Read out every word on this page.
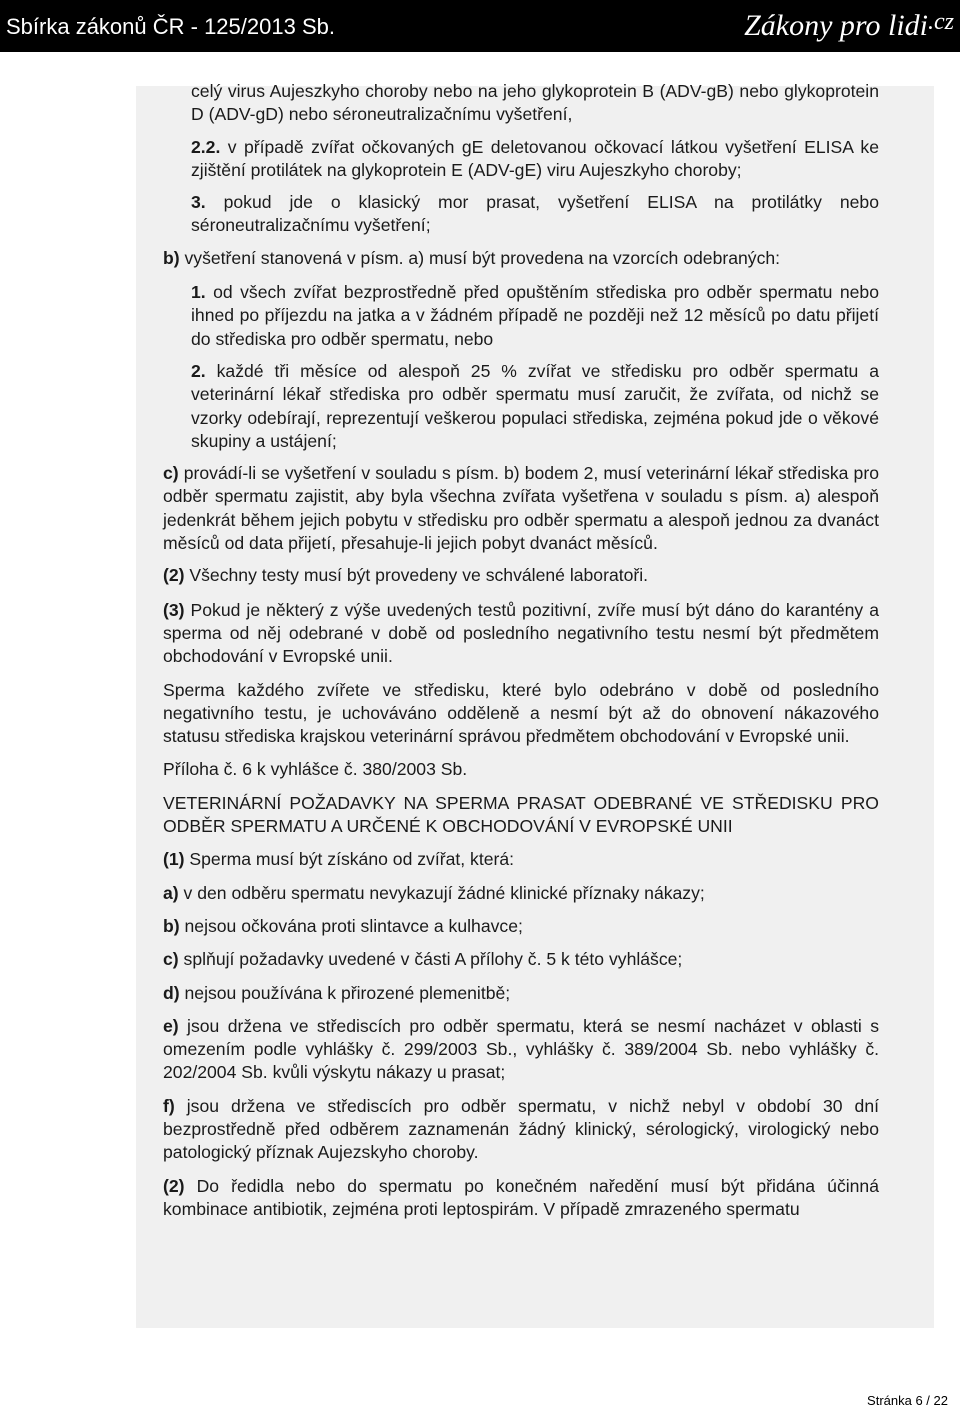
Sbírka zákonů ČR - 125/2013 Sb.	Zákony pro lidi$^{.cz}$

celý virus Aujeszkyho choroby nebo na jeho glykoprotein B (ADV-gB) nebo glykoprotein D (ADV-gD) nebo séroneutralizačnímu vyšetření,

2.2. v případě zvířat očkovaných gE deletovanou očkovací látkou vyšetření ELISA ke zjištění protilátek na glykoprotein E (ADV-gE) viru Aujeszkyho choroby;

3. pokud jde o klasický mor prasat, vyšetření ELISA na protilátky nebo séroneutralizačnímu vyšetření;

b) vyšetření stanovená v písm. a) musí být provedena na vzorcích odebraných:

1. od všech zvířat bezprostředně před opuštěním střediska pro odběr spermatu nebo ihned po příjezdu na jatka a v žádném případě ne později než 12 měsíců po datu přijetí do střediska pro odběr spermatu, nebo

2. každé tři měsíce od alespoň 25 % zvířat ve středisku pro odběr spermatu a veterinární lékař střediska pro odběr spermatu musí zaručit, že zvířata, od nichž se vzorky odebírají, reprezentují veškerou populaci střediska, zejména pokud jde o věkové skupiny a ustájení;

c) provádí-li se vyšetření v souladu s písm. b) bodem 2, musí veterinární lékař střediska pro odběr spermatu zajistit, aby byla všechna zvířata vyšetřena v souladu s písm. a) alespoň jedenkrát během jejich pobytu v středisku pro odběr spermatu a alespoň jednou za dvanáct měsíců od data přijetí, přesahuje-li jejich pobyt dvanáct měsíců.

(2) Všechny testy musí být provedeny ve schválené laboratoři.

(3) Pokud je některý z výše uvedených testů pozitivní, zvíře musí být dáno do karantény a sperma od něj odebrané v době od posledního negativního testu nesmí být předmětem obchodování v Evropské unii.

Sperma každého zvířete ve středisku, které bylo odebráno v době od posledního negativního testu, je uchováváno odděleně a nesmí být až do obnovení nákazového statusu střediska krajskou veterinární správou předmětem obchodování v Evropské unii.

Příloha č. 6 k vyhlášce č. 380/2003 Sb.

VETERINÁRNÍ POŽADAVKY NA SPERMA PRASAT ODEBRANÉ VE STŘEDISKU PRO ODBĚR SPERMATU A URČENÉ K OBCHODOVÁNÍ V EVROPSKÉ UNII

(1) Sperma musí být získáno od zvířat, která:

a) v den odběru spermatu nevykazují žádné klinické příznaky nákazy;

b) nejsou očkována proti slintavce a kulhavce;

c) splňují požadavky uvedené v části A přílohy č. 5 k této vyhlášce;

d) nejsou používána k přirozené plemenitbě;

e) jsou držena ve střediscích pro odběr spermatu, která se nesmí nacházet v oblasti s omezením podle vyhlášky č. 299/2003 Sb., vyhlášky č. 389/2004 Sb. nebo vyhlášky č. 202/2004 Sb. kvůli výskytu nákazy u prasat;

f) jsou držena ve střediscích pro odběr spermatu, v nichž nebyl v období 30 dní bezprostředně před odběrem zaznamenán žádný klinický, sérologický, virologický nebo patologický příznak Aujezskyho choroby.

(2) Do ředidla nebo do spermatu po konečném naředění musí být přidána účinná kombinace antibiotik, zejména proti leptospirám. V případě zmrazeného spermatu

Stránka 6 / 22
